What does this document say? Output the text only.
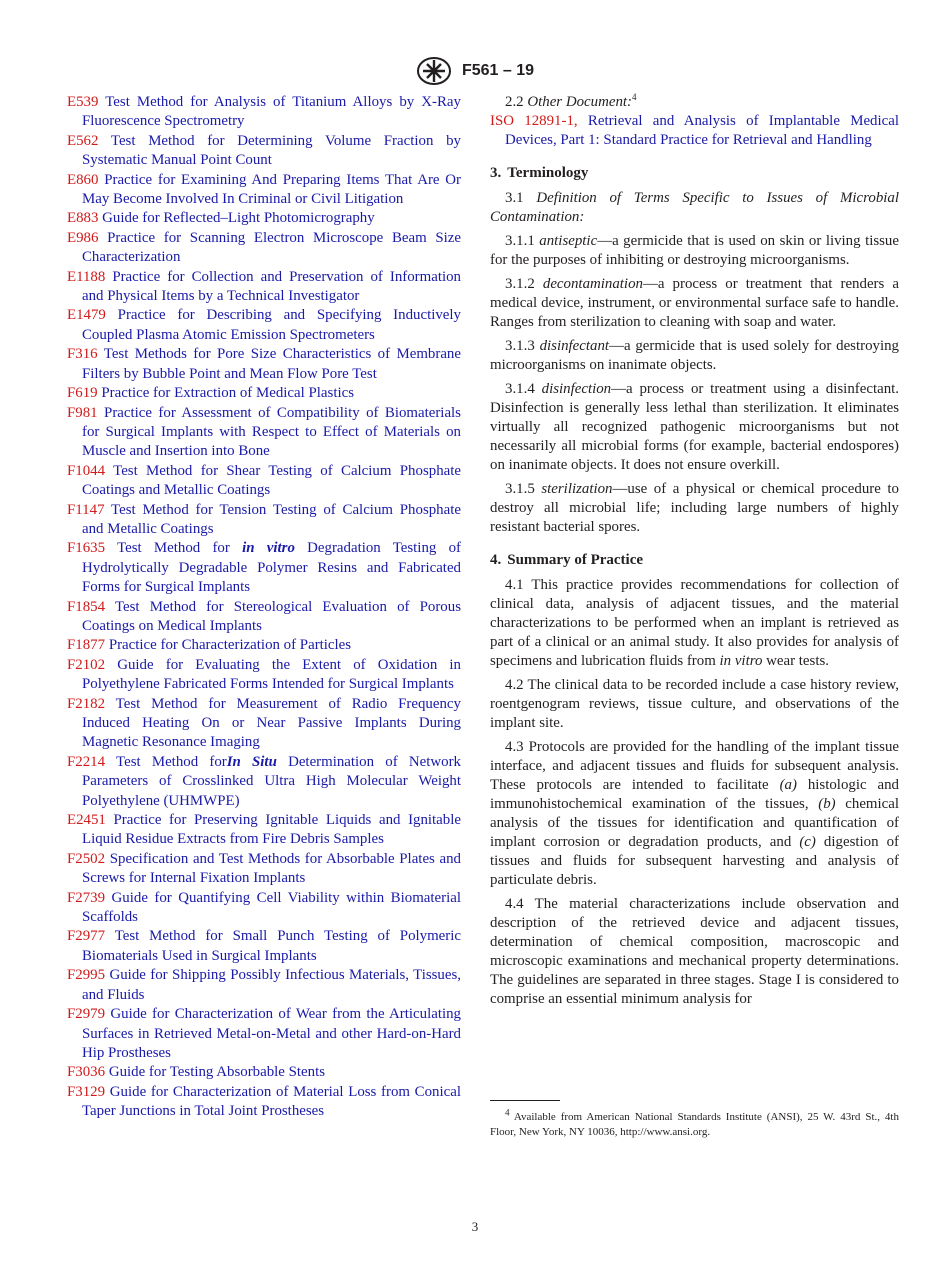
F561 – 19
E539 Test Method for Analysis of Titanium Alloys by X-Ray Fluorescence Spectrometry
E562 Test Method for Determining Volume Fraction by Systematic Manual Point Count
E860 Practice for Examining And Preparing Items That Are Or May Become Involved In Criminal or Civil Litigation
E883 Guide for Reflected–Light Photomicrography
E986 Practice for Scanning Electron Microscope Beam Size Characterization
E1188 Practice for Collection and Preservation of Information and Physical Items by a Technical Investigator
E1479 Practice for Describing and Specifying Inductively Coupled Plasma Atomic Emission Spectrometers
F316 Test Methods for Pore Size Characteristics of Membrane Filters by Bubble Point and Mean Flow Pore Test
F619 Practice for Extraction of Medical Plastics
F981 Practice for Assessment of Compatibility of Biomaterials for Surgical Implants with Respect to Effect of Materials on Muscle and Insertion into Bone
F1044 Test Method for Shear Testing of Calcium Phosphate Coatings and Metallic Coatings
F1147 Test Method for Tension Testing of Calcium Phosphate and Metallic Coatings
F1635 Test Method for in vitro Degradation Testing of Hydrolytically Degradable Polymer Resins and Fabricated Forms for Surgical Implants
F1854 Test Method for Stereological Evaluation of Porous Coatings on Medical Implants
F1877 Practice for Characterization of Particles
F2102 Guide for Evaluating the Extent of Oxidation in Polyethylene Fabricated Forms Intended for Surgical Implants
F2182 Test Method for Measurement of Radio Frequency Induced Heating On or Near Passive Implants During Magnetic Resonance Imaging
F2214 Test Method forIn Situ Determination of Network Parameters of Crosslinked Ultra High Molecular Weight Polyethylene (UHMWPE)
E2451 Practice for Preserving Ignitable Liquids and Ignitable Liquid Residue Extracts from Fire Debris Samples
F2502 Specification and Test Methods for Absorbable Plates and Screws for Internal Fixation Implants
F2739 Guide for Quantifying Cell Viability within Biomaterial Scaffolds
F2977 Test Method for Small Punch Testing of Polymeric Biomaterials Used in Surgical Implants
F2995 Guide for Shipping Possibly Infectious Materials, Tissues, and Fluids
F2979 Guide for Characterization of Wear from the Articulating Surfaces in Retrieved Metal-on-Metal and other Hard-on-Hard Hip Prostheses
F3036 Guide for Testing Absorbable Stents
F3129 Guide for Characterization of Material Loss from Conical Taper Junctions in Total Joint Prostheses
2.2 Other Document:$^4$
ISO 12891-1, Retrieval and Analysis of Implantable Medical Devices, Part 1: Standard Practice for Retrieval and Handling
3. Terminology
3.1 Definition of Terms Specific to Issues of Microbial Contamination:
3.1.1 antiseptic—a germicide that is used on skin or living tissue for the purposes of inhibiting or destroying microorganisms.
3.1.2 decontamination—a process or treatment that renders a medical device, instrument, or environmental surface safe to handle. Ranges from sterilization to cleaning with soap and water.
3.1.3 disinfectant—a germicide that is used solely for destroying microorganisms on inanimate objects.
3.1.4 disinfection—a process or treatment using a disinfectant. Disinfection is generally less lethal than sterilization. It eliminates virtually all recognized pathogenic microorganisms but not necessarily all microbial forms (for example, bacterial endospores) on inanimate objects. It does not ensure overkill.
3.1.5 sterilization—use of a physical or chemical procedure to destroy all microbial life; including large numbers of highly resistant bacterial spores.
4. Summary of Practice
4.1 This practice provides recommendations for collection of clinical data, analysis of adjacent tissues, and the material characterizations to be performed when an implant is retrieved as part of a clinical or an animal study. It also provides for analysis of specimens and lubrication fluids from in vitro wear tests.
4.2 The clinical data to be recorded include a case history review, roentgenogram reviews, tissue culture, and observations of the implant site.
4.3 Protocols are provided for the handling of the implant tissue interface, and adjacent tissues and fluids for subsequent analysis. These protocols are intended to facilitate (a) histologic and immunohistochemical examination of the tissues, (b) chemical analysis of the tissues for identification and quantification of implant corrosion or degradation products, and (c) digestion of tissues and fluids for subsequent harvesting and analysis of particulate debris.
4.4 The material characterizations include observation and description of the retrieved device and adjacent tissues, determination of chemical composition, macroscopic and microscopic examinations and mechanical property determinations. The guidelines are separated in three stages. Stage I is considered to comprise an essential minimum analysis for
$^4$ Available from American National Standards Institute (ANSI), 25 W. 43rd St., 4th Floor, New York, NY 10036, http://www.ansi.org.
3
